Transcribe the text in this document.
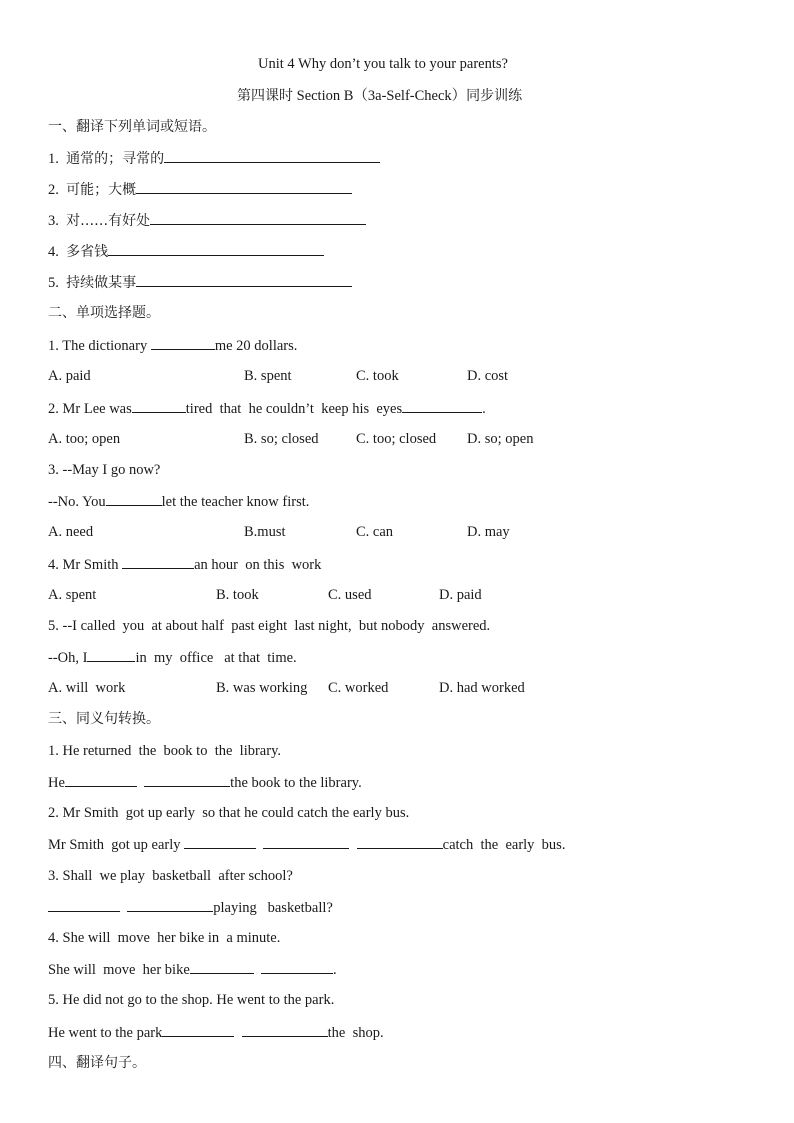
Unit 4 Why don’t you talk to your parents?
第四课时 Section B（3a-Self-Check）同步训练
一、翻译下列单词或短语。
1. 通常的；寻常的
2. 可能；大概
3. 对……有好处
4. 多省钱
5. 持续做某事
二、单项选择题。
1. The dictionary	me 20 dollars.
A. paid	B. spent	C. took	D. cost
2. Mr Lee was	tired  that  he couldn’t  keep his  eyes	.
A. too; open	B. so; closed	C. too; closed D. so; open
3. --May I go now?
--No. You	let the teacher know first.
A. need	B.must	C. can	D. may
4. Mr Smith	an hour  on this  work
A. spent	B. took	C. used	D. paid
5. --I called  you  at about half  past eight  last night,  but nobody  answered.
--Oh, I	in  my  office   at that  time.
A. will  work	B. was working C. worked	D. had worked
三、同义句转换。
1. He returned  the  book to  the  library.
He	the book to the library.
2. Mr Smith  got up early  so that he could catch the early bus.
Mr Smith  got up early	catch  the  early  bus.
3. Shall  we play  basketball  after school?
playing   basketball?
4. She will  move  her bike in  a minute.
She will  move  her bike	.
5. He did not go to the shop. He went to the park.
He went to the park	the  shop.
四、翻译句子。
